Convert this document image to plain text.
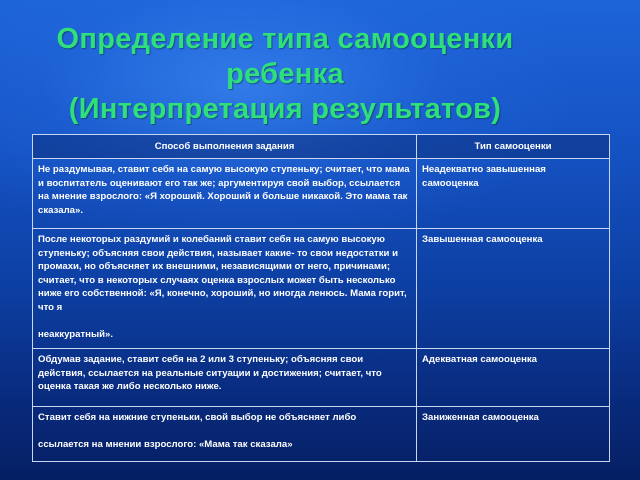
Определение типа самооценки
ребенка
(Интерпретация результатов)
Способ выполнения задания	Тип самооценки
Не раздумывая, ставит себя на самую высокую ступеньку; считает, что мама и воспитатель оценивают его так же; аргументируя свой выбор, ссылается на мнение взрослого: «Я хороший. Хороший и больше никакой. Это мама так сказала».	Неадекватно завышенная самооценка
После некоторых раздумий и колебаний ставит себя на самую высокую ступеньку; объясняя свои действия, называет какие- то свои недостатки и промахи, но объясняет их внешними, независящими от него, причинами; считает, что в некоторых случаях оценка взрослых может быть несколько ниже его собственной: «Я, конечно, хороший, но иногда ленюсь. Мама горит, что я
неаккуратный».	Завышенная самооценка
Обдумав задание, ставит себя на 2 или 3 ступеньку; объясняя свои действия, ссылается на реальные ситуации и достижения; считает, что оценка такая же либо несколько ниже.	Адекватная самооценка
Ставит себя на нижние ступеньки, свой выбор не объясняет либо
ссылается на мнении взрослого: «Мама так сказала»	Заниженная самооценка
